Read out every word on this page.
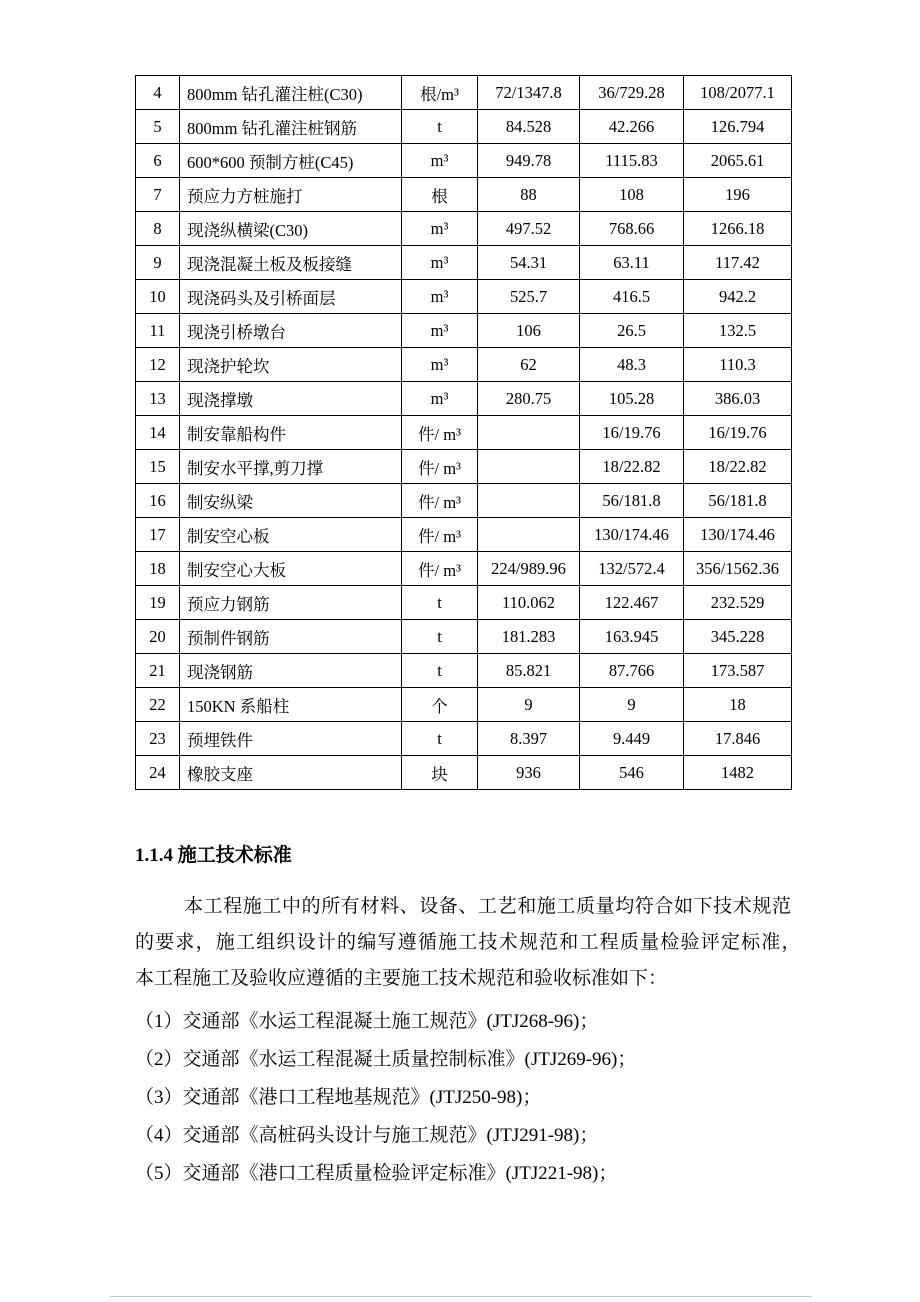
4	800mm 钻孔灌注桩(C30)	根/m³	72/1347.8	36/729.28	108/2077.1
5	800mm 钻孔灌注桩钢筋	t	84.528	42.266	126.794
6	600*600 预制方桩(C45)	m³	949.78	1115.83	2065.61
7	预应力方桩施打	根	88	108	196
8	现浇纵横梁(C30)	m³	497.52	768.66	1266.18
9	现浇混凝土板及板接缝	m³	54.31	63.11	117.42
10	现浇码头及引桥面层	m³	525.7	416.5	942.2
11	现浇引桥墩台	m³	106	26.5	132.5
12	现浇护轮坎	m³	62	48.3	110.3
13	现浇撑墩	m³	280.75	105.28	386.03
14	制安靠船构件	件/ m³		16/19.76	16/19.76
15	制安水平撑,剪刀撑	件/ m³		18/22.82	18/22.82
16	制安纵梁	件/ m³		56/181.8	56/181.8
17	制安空心板	件/ m³		130/174.46	130/174.46
18	制安空心大板	件/ m³	224/989.96	132/572.4	356/1562.36
19	预应力钢筋	t	110.062	122.467	232.529
20	预制件钢筋	t	181.283	163.945	345.228
21	现浇钢筋	t	85.821	87.766	173.587
22	150KN 系船柱	个	9	9	18
23	预埋铁件	t	8.397	9.449	17.846
24	橡胶支座	块	936	546	1482

1.1.4 施工技术标准

本工程施工中的所有材料、设备、工艺和施工质量均符合如下技术规范的要求，施工组织设计的编写遵循施工技术规范和工程质量检验评定标准，　　　本工程施工及验收应遵循的主要施工技术规范和验收标准如下：

（1）交通部《水运工程混凝土施工规范》(JTJ268-96)；

（2）交通部《水运工程混凝土质量控制标准》(JTJ269-96)；

（3）交通部《港口工程地基规范》(JTJ250-98)；

（4）交通部《高桩码头设计与施工规范》(JTJ291-98)；

（5）交通部《港口工程质量检验评定标准》(JTJ221-98)；
